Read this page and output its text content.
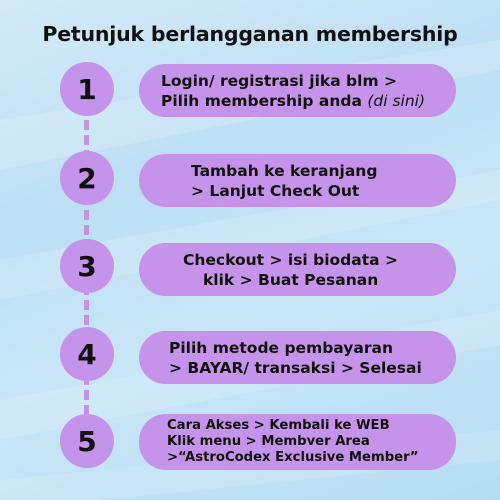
Petunjuk berlangganan membership
1	Login/ registrasi jika blm >
Pilih membership anda (di sini)
2	Tambah ke keranjang
> Lanjut Check Out
3	Checkout > isi biodata >
klik > Buat Pesanan
4	Pilih metode pembayaran
> BAYAR/ transaksi > Selesai
5	Cara Akses > Kembali ke WEB
Klik menu > Membver Area
>“AstroCodex Exclusive Member”
